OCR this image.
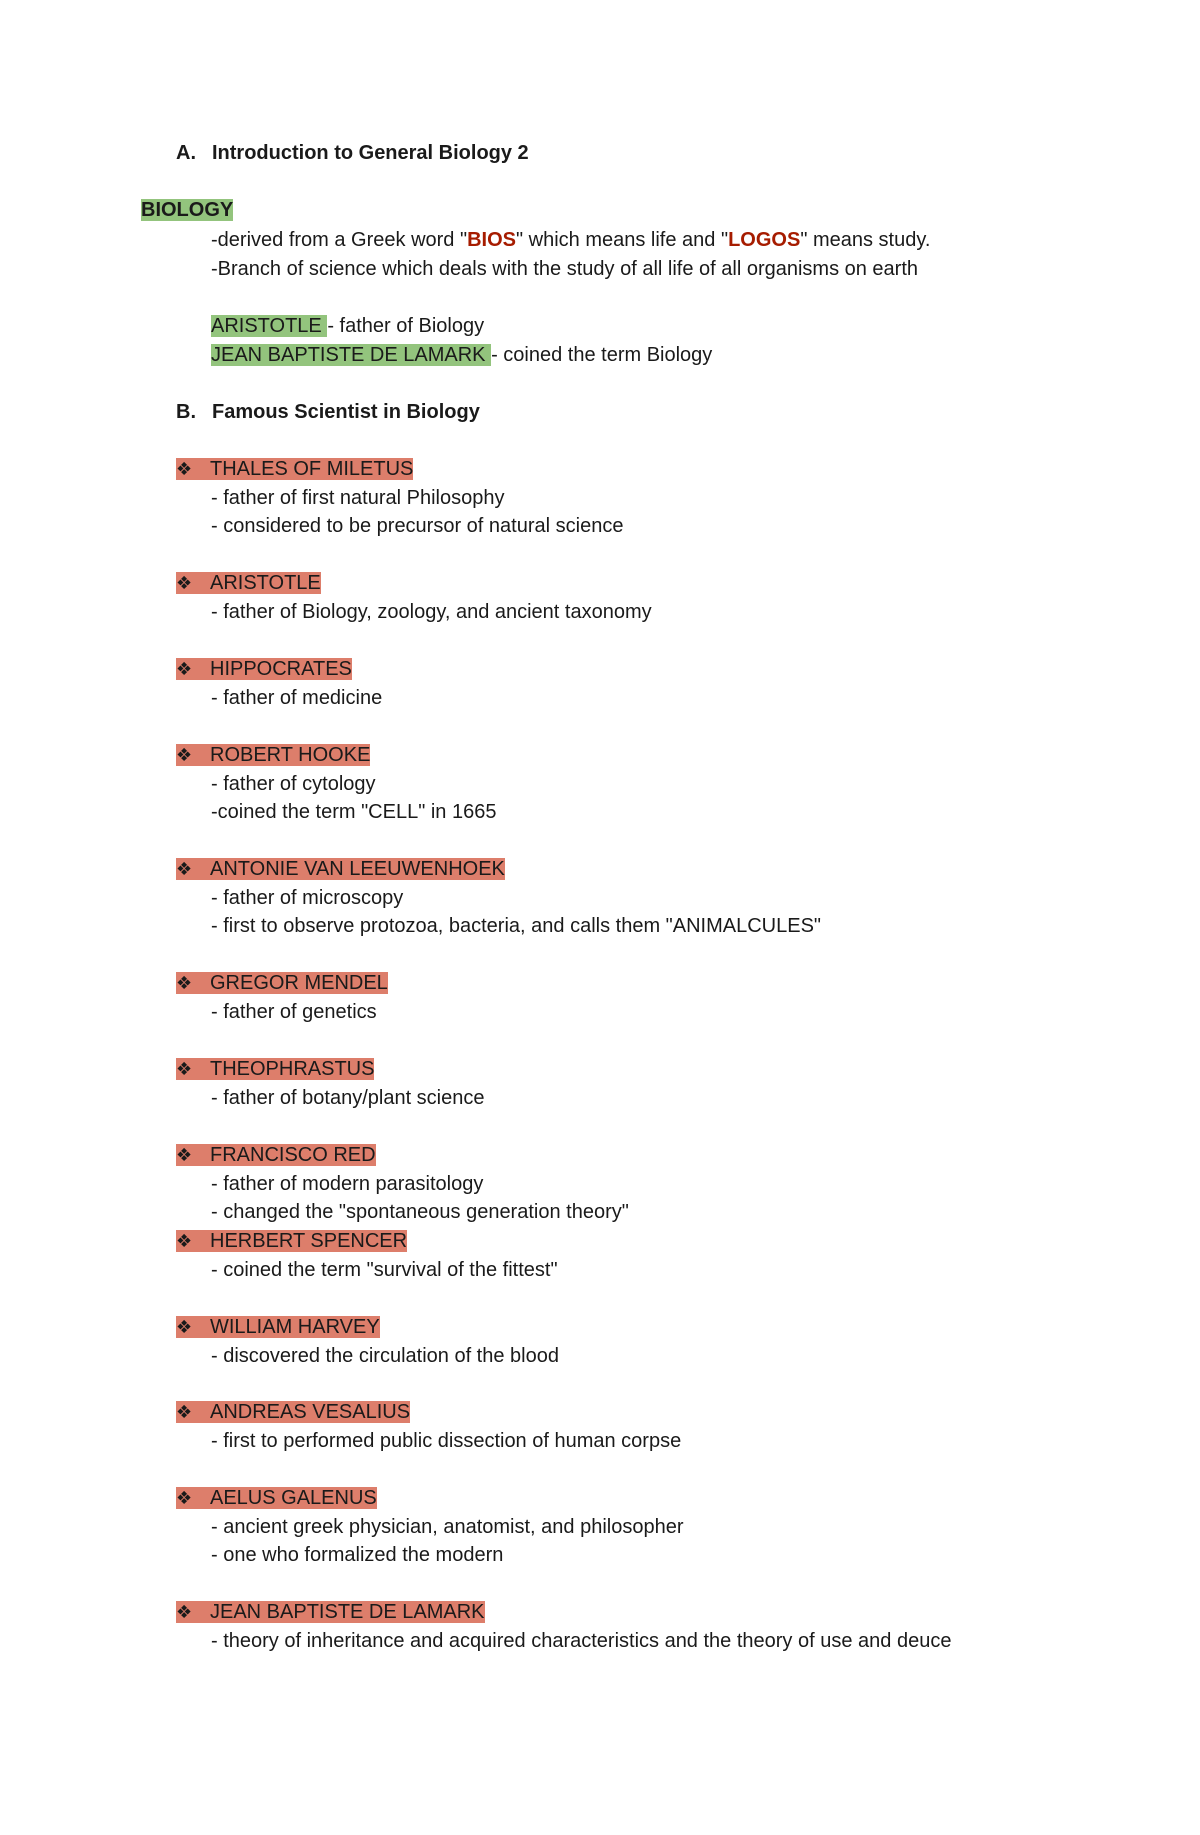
A. Introduction to General Biology 2

BIOLOGY

-derived from a Greek word "BIOS" which means life and "LOGOS" means study.

-Branch of science which deals with the study of all life of all organisms on earth

ARISTOTLE - father of Biology

JEAN BAPTISTE DE LAMARK - coined the term Biology

B. Famous Scientist in Biology

❖ THALES OF MILETUS

- father of first natural Philosophy

- considered to be precursor of natural science

❖ ARISTOTLE

- father of Biology, zoology, and ancient taxonomy

❖ HIPPOCRATES

- father of medicine

❖ ROBERT HOOKE

- father of cytology

-coined the term "CELL" in 1665

❖ ANTONIE VAN LEEUWENHOEK

- father of microscopy

- first to observe protozoa, bacteria, and calls them "ANIMALCULES"

❖ GREGOR MENDEL

- father of genetics

❖ THEOPHRASTUS

- father of botany/plant science

❖ FRANCISCO RED

- father of modern parasitology

- changed the "spontaneous generation theory"

❖ HERBERT SPENCER

- coined the term "survival of the fittest"

❖ WILLIAM HARVEY

- discovered the circulation of the blood

❖ ANDREAS VESALIUS

- first to performed public dissection of human corpse

❖ AELUS GALENUS

- ancient greek physician, anatomist, and philosopher

- one who formalized the modern

❖ JEAN BAPTISTE DE LAMARK

- theory of inheritance and acquired characteristics and the theory of use and deuce
